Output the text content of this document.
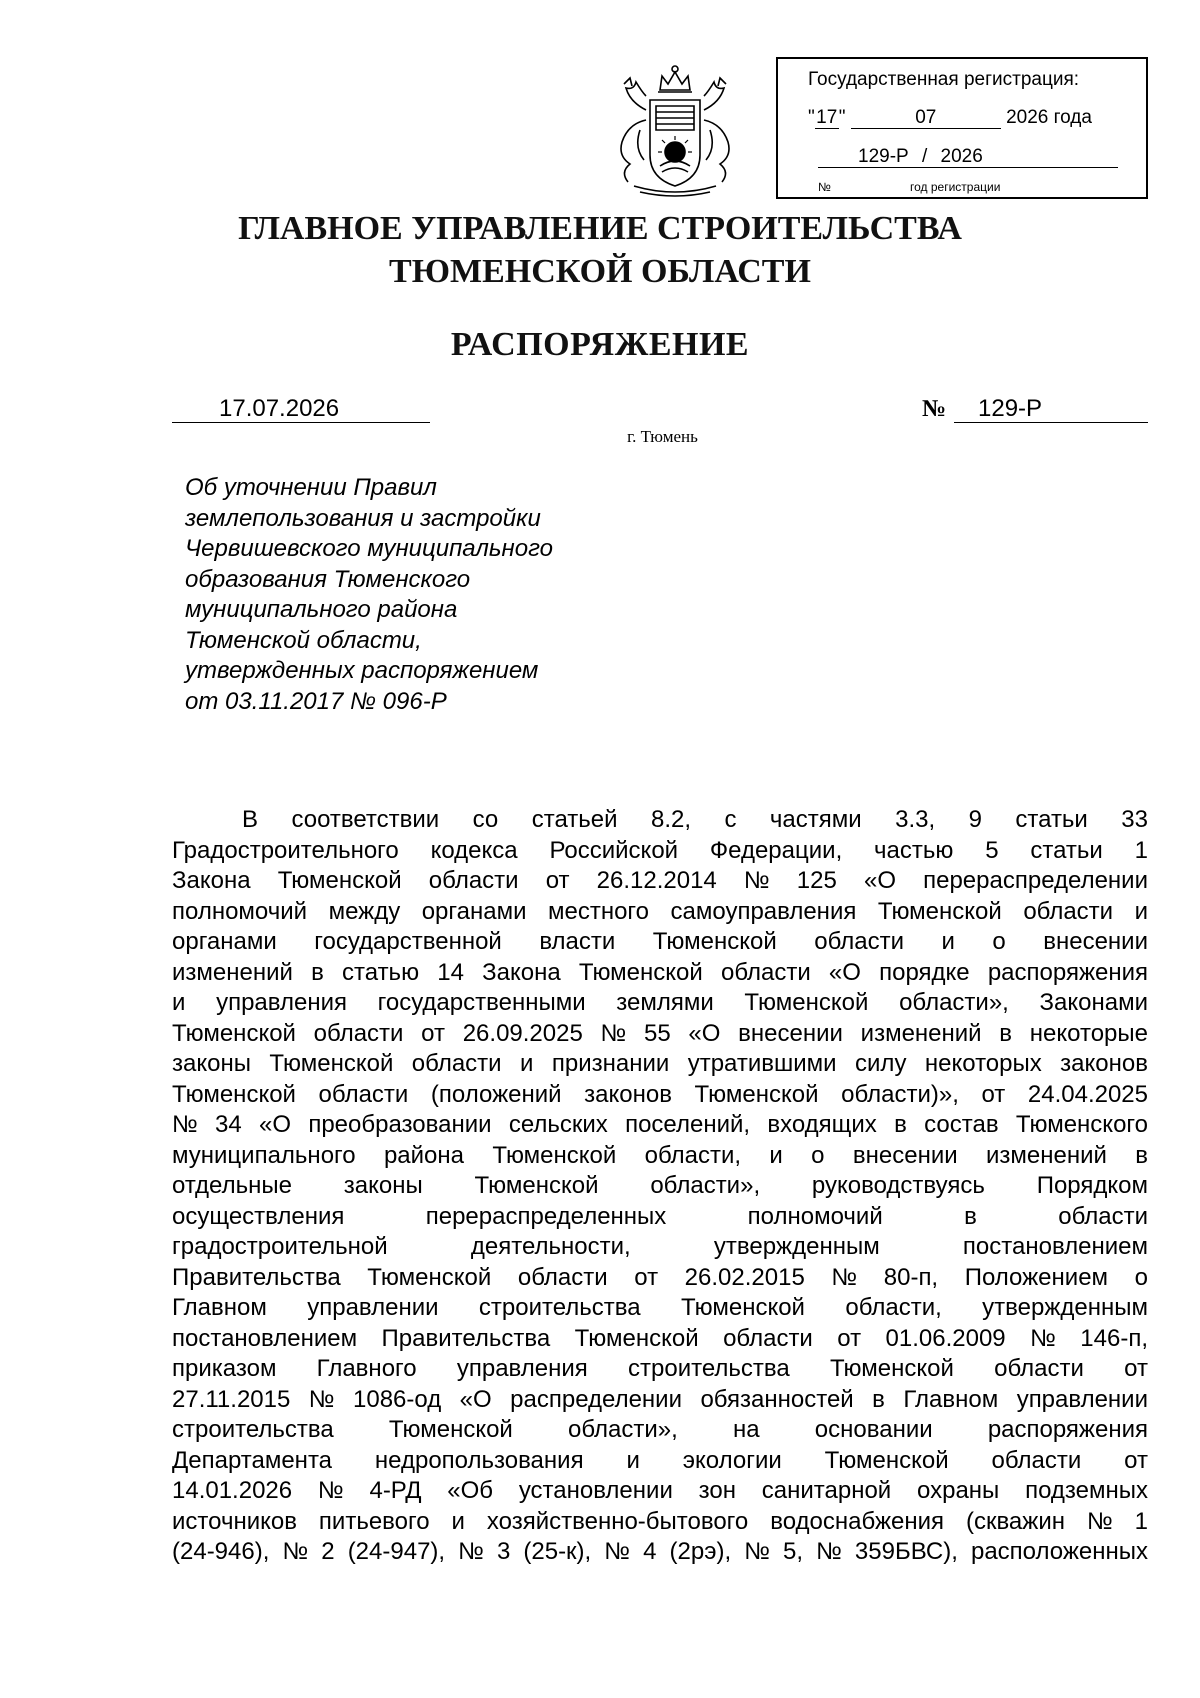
Государственная регистрация:
"17"	07	2026 года
129-Р / 2026
№	год регистрации
ГЛАВНОЕ УПРАВЛЕНИЕ СТРОИТЕЛЬСТВА
ТЮМЕНСКОЙ ОБЛАСТИ
РАСПОРЯЖЕНИЕ
17.07.2026	№	129-Р
г. Тюмень
Об уточнении Правил
землепользования и застройки
Червишевского муниципального
образования Тюменского
муниципального района
Тюменской области,
утвержденных распоряжением
от 03.11.2017 № 096-Р
В соответствии со статьей 8.2, с частями 3.3, 9 статьи 33
Градостроительного кодекса Российской Федерации, частью 5 статьи 1
Закона Тюменской области от 26.12.2014 № 125 «О перераспределении
полномочий между органами местного самоуправления Тюменской области и
органами государственной власти Тюменской области и о внесении
изменений в статью 14 Закона Тюменской области «О порядке распоряжения
и управления государственными землями Тюменской области», Законами
Тюменской области от 26.09.2025 № 55 «О внесении изменений в некоторые
законы Тюменской области и признании утратившими силу некоторых законов
Тюменской области (положений законов Тюменской области)», от 24.04.2025
№ 34 «О преобразовании сельских поселений, входящих в состав Тюменского
муниципального района Тюменской области, и о внесении изменений в
отдельные законы Тюменской области», руководствуясь Порядком
осуществления перераспределенных полномочий в области
градостроительной деятельности, утвержденным постановлением
Правительства Тюменской области от 26.02.2015 № 80-п, Положением о
Главном управлении строительства Тюменской области, утвержденным
постановлением Правительства Тюменской области от 01.06.2009 № 146-п,
приказом Главного управления строительства Тюменской области от
27.11.2015 № 1086-од «О распределении обязанностей в Главном управлении
строительства Тюменской области», на основании распоряжения
Департамента недропользования и экологии Тюменской области от
14.01.2026 № 4-РД «Об установлении зон санитарной охраны подземных
источников питьевого и хозяйственно-бытового водоснабжения (скважин № 1
(24-946), № 2 (24-947), № 3 (25-к), № 4 (2рэ), № 5, № 359БВС), расположенных
